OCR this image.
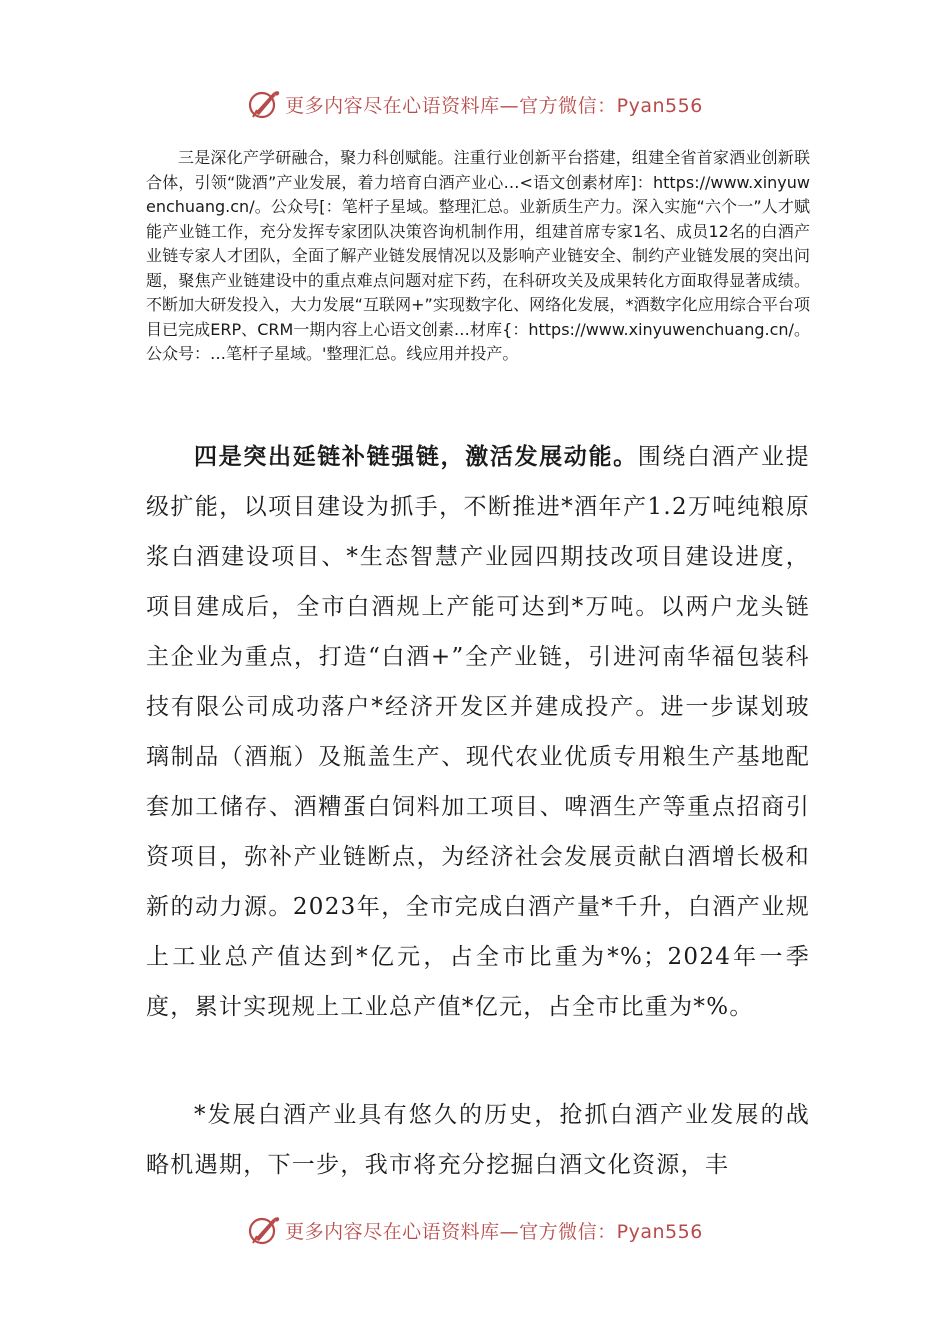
更多内容尽在心语资料库—官方微信：Pyan556

三是深化产学研融合，聚力科创赋能。注重行业创新平台搭建，组建全省首家酒业创新联合体，引领“陇酒”产业发展，着力培育白酒产业心…<语文创素材库]：https://www.xinyuwenchuang.cn/。公众号[：笔杆子星域。整理汇总。业新质生产力。深入实施“六个一”人才赋能产业链工作，充分发挥专家团队决策咨询机制作用，组建首席专家1名、成员12名的白酒产业链专家人才团队，全面了解产业链发展情况以及影响产业链安全、制约产业链发展的突出问题，聚焦产业链建设中的重点难点问题对症下药，在科研攻关及成果转化方面取得显著成绩。不断加大研发投入，大力发展“互联网+”实现数字化、网络化发展，*酒数字化应用综合平台项目已完成ERP、CRM一期内容上心语文创素…材库{：https://www.xinyuwenchuang.cn/。公众号：…笔杆子星域。'整理汇总。线应用并投产。

四是突出延链补链强链，激活发展动能。围绕白酒产业提级扩能，以项目建设为抓手，不断推进*酒年产1.2万吨纯粮原浆白酒建设项目、*生态智慧产业园四期技改项目建设进度，项目建成后，全市白酒规上产能可达到*万吨。以两户龙头链主企业为重点，打造“白酒+”全产业链，引进河南华福包装科技有限公司成功落户*经济开发区并建成投产。进一步谋划玻璃制品（酒瓶）及瓶盖生产、现代农业优质专用粮生产基地配套加工储存、酒糟蛋白饲料加工项目、啤酒生产等重点招商引资项目，弥补产业链断点，为经济社会发展贡献白酒增长极和新的动力源。2023年，全市完成白酒产量*千升，白酒产业规上工业总产值达到*亿元，占全市比重为*%；2024年一季度，累计实现规上工业总产值*亿元，占全市比重为*%。

*发展白酒产业具有悠久的历史，抢抓白酒产业发展的战略机遇期，下一步，我市将充分挖掘白酒文化资源，丰

更多内容尽在心语资料库—官方微信：Pyan556
